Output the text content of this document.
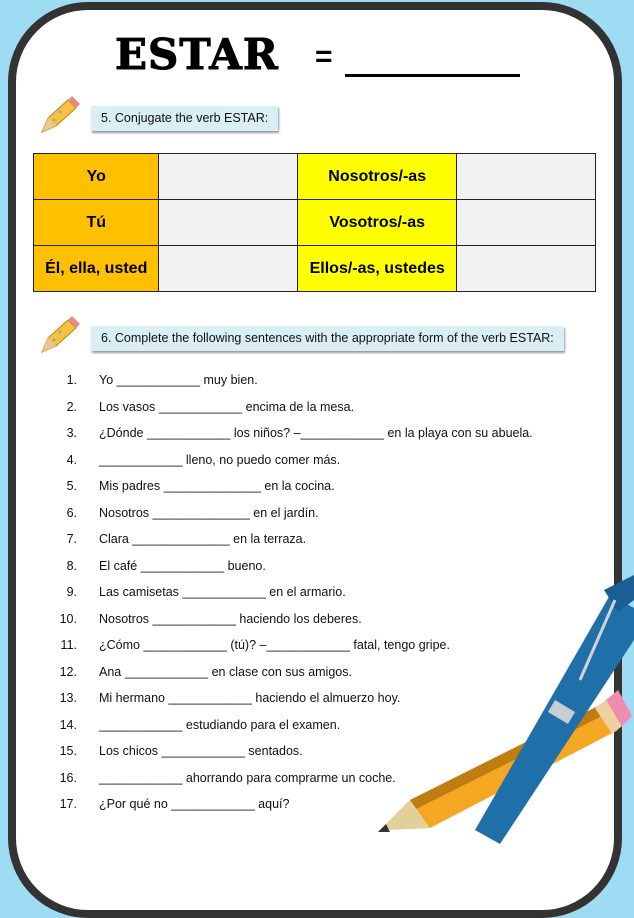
ESTAR =
5. Conjugate the verb ESTAR:
Yo		Nosotros/-as	
Tú		Vosotros/-as	
Él, ella, usted		Ellos/-as, ustedes	
6. Complete the following sentences with the appropriate form of the verb ESTAR:
1. Yo ____________ muy bien.
2. Los vasos ____________ encima de la mesa.
3. ¿Dónde ____________ los niños? –____________ en la playa con su abuela.
4. ____________ lleno, no puedo comer más.
5. Mis padres ______________ en la cocina.
6. Nosotros ______________ en el jardín.
7. Clara ______________ en la terraza.
8. El café ____________ bueno.
9. Las camisetas ____________ en el armario.
10. Nosotros ____________ haciendo los deberes.
11. ¿Cómo ____________ (tú)? –____________ fatal, tengo gripe.
12. Ana ____________ en clase con sus amigos.
13. Mi hermano ____________ haciendo el almuerzo hoy.
14. ____________ estudiando para el examen.
15. Los chicos ____________ sentados.
16. ____________ ahorrando para comprarme un coche.
17. ¿Por qué no ____________ aquí?
